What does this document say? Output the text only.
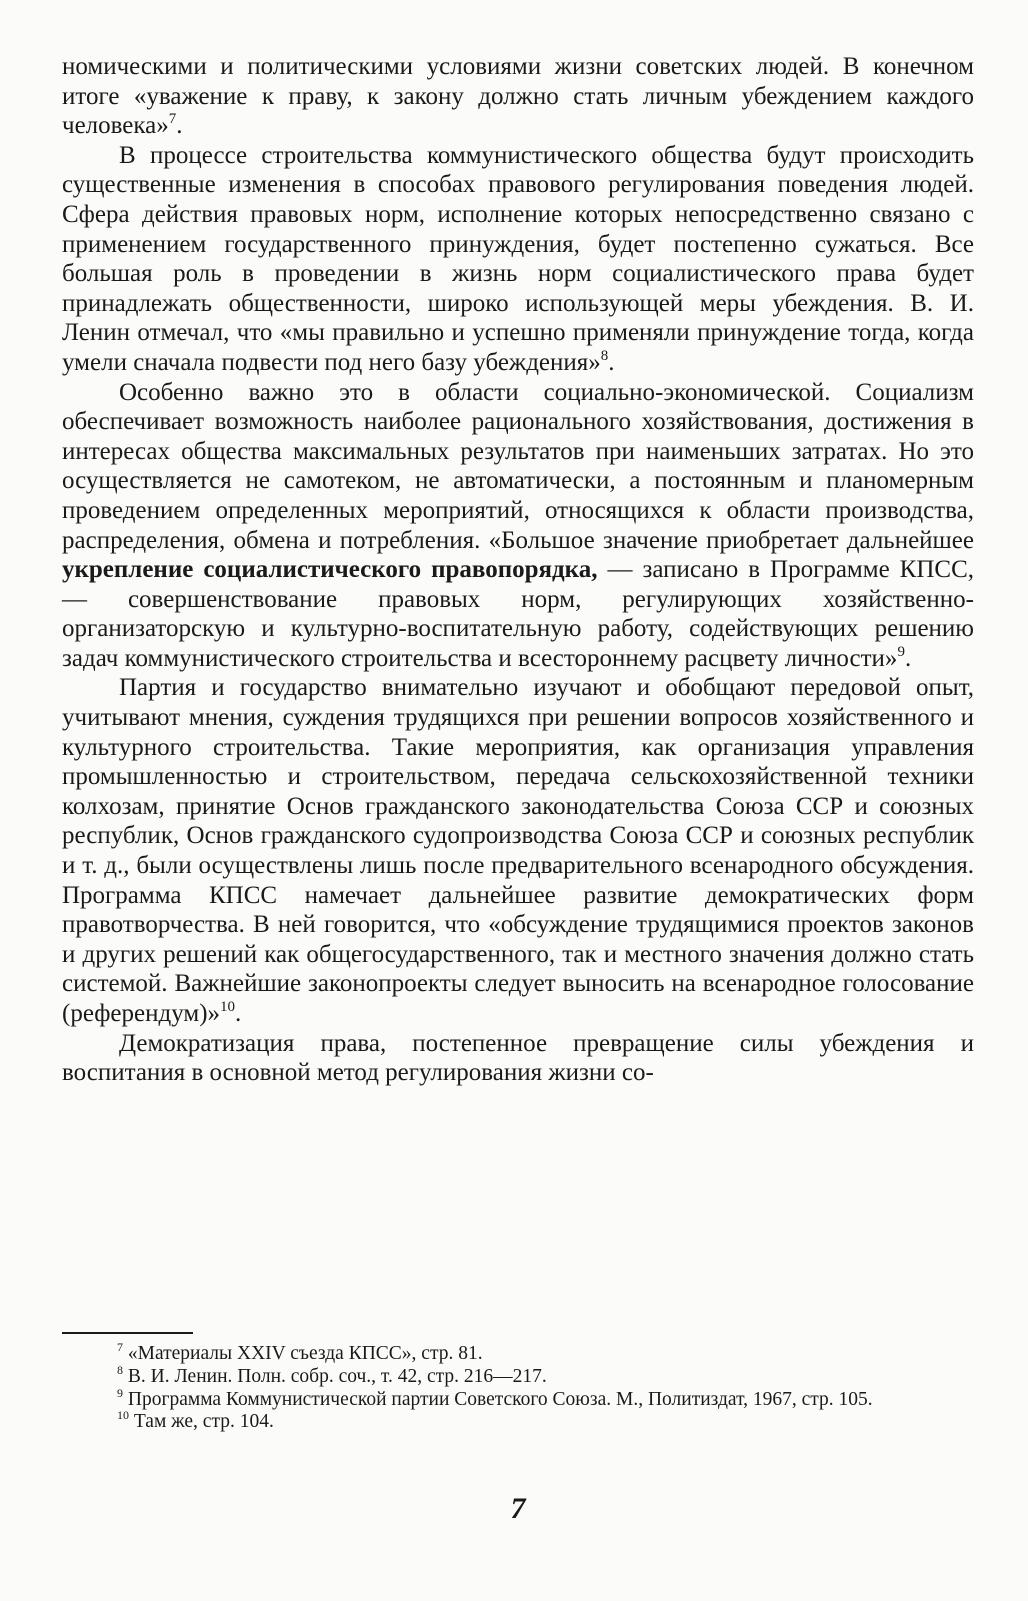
номическими и политическими условиями жизни советских людей. В конечном итоге «уважение к праву, к закону должно стать личным убеждением каждого человека»$^7$.

В процессе строительства коммунистического общества будут происходить существенные изменения в способах правового регулирования поведения людей. Сфера действия правовых норм, исполнение которых непосредственно связано с применением государственного принуждения, будет постепенно сужаться. Все большая роль в проведении в жизнь норм социалистического права будет принадлежать общественности, широко использующей меры убеждения. В. И. Ленин отмечал, что «мы правильно и успешно применяли принуждение тогда, когда умели сначала подвести под него базу убеждения»$^8$.

Особенно важно это в области социально-экономической. Социализм обеспечивает возможность наиболее рационального хозяйствования, достижения в интересах общества максимальных результатов при наименьших затратах. Но это осуществляется не самотеком, не автоматически, а постоянным и планомерным проведением определенных мероприятий, относящихся к области производства, распределения, обмена и потребления. «Большое значение приобретает дальнейшее укрепление социалистического правопорядка, — записано в Программе КПСС, — совершенствование правовых норм, регулирующих хозяйственно-организаторскую и культурно-воспитательную работу, содействующих решению задач коммунистического строительства и всестороннему расцвету личности»$^9$.

Партия и государство внимательно изучают и обобщают передовой опыт, учитывают мнения, суждения трудящихся при решении вопросов хозяйственного и культурного строительства. Такие мероприятия, как организация управления промышленностью и строительством, передача сельскохозяйственной техники колхозам, принятие Основ гражданского законодательства Союза ССР и союзных республик, Основ гражданского судопроизводства Союза ССР и союзных республик и т. д., были осуществлены лишь после предварительного всенародного обсуждения. Программа КПСС намечает дальнейшее развитие демократических форм правотворчества. В ней говорится, что «обсуждение трудящимися проектов законов и других решений как общегосударственного, так и местного значения должно стать системой. Важнейшие законопроекты следует выносить на всенародное голосование (референдум)»$^{10}$.

Демократизация права, постепенное превращение силы убеждения и воспитания в основной метод регулирования жизни со-

$^7$ «Материалы XXIV съезда КПСС», стр. 81.

$^8$ В. И. Ленин. Полн. собр. соч., т. 42, стр. 216—217.

$^9$ Программа Коммунистической партии Советского Союза. М., Политиздат, 1967, стр. 105.

$^{10}$ Там же, стр. 104.

7
